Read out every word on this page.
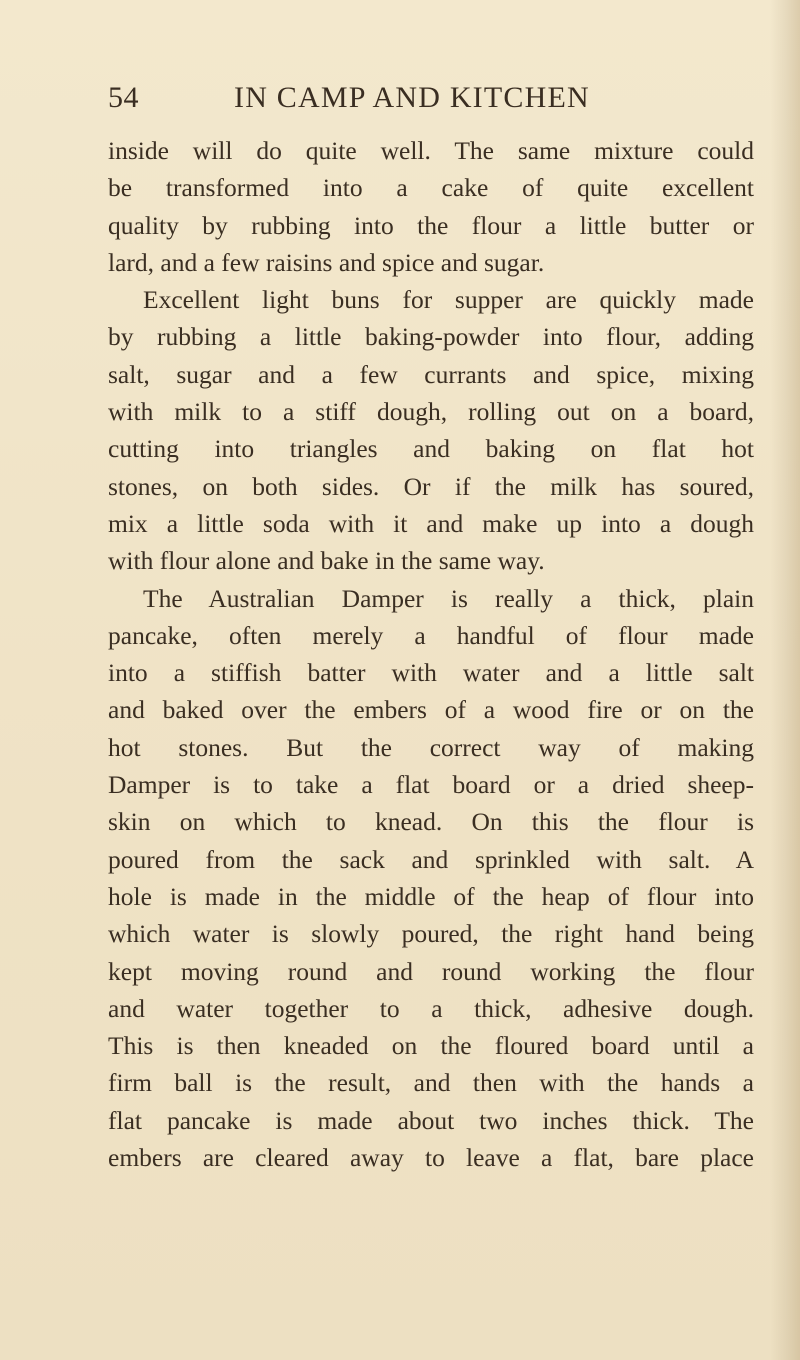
54	IN CAMP AND KITCHEN
inside will do quite well. The same mixture could
be transformed into a cake of quite excellent
quality by rubbing into the flour a little butter or
lard, and a few raisins and spice and sugar.
Excellent light buns for supper are quickly made
by rubbing a little baking-powder into flour, adding
salt, sugar and a few currants and spice, mixing
with milk to a stiff dough, rolling out on a board,
cutting into triangles and baking on flat hot
stones, on both sides. Or if the milk has soured,
mix a little soda with it and make up into a dough
with flour alone and bake in the same way.
The Australian Damper is really a thick, plain
pancake, often merely a handful of flour made
into a stiffish batter with water and a little salt
and baked over the embers of a wood fire or on the
hot stones. But the correct way of making
Damper is to take a flat board or a dried sheep-
skin on which to knead. On this the flour is
poured from the sack and sprinkled with salt. A
hole is made in the middle of the heap of flour into
which water is slowly poured, the right hand being
kept moving round and round working the flour
and water together to a thick, adhesive dough.
This is then kneaded on the floured board until a
firm ball is the result, and then with the hands a
flat pancake is made about two inches thick. The
embers are cleared away to leave a flat, bare place
